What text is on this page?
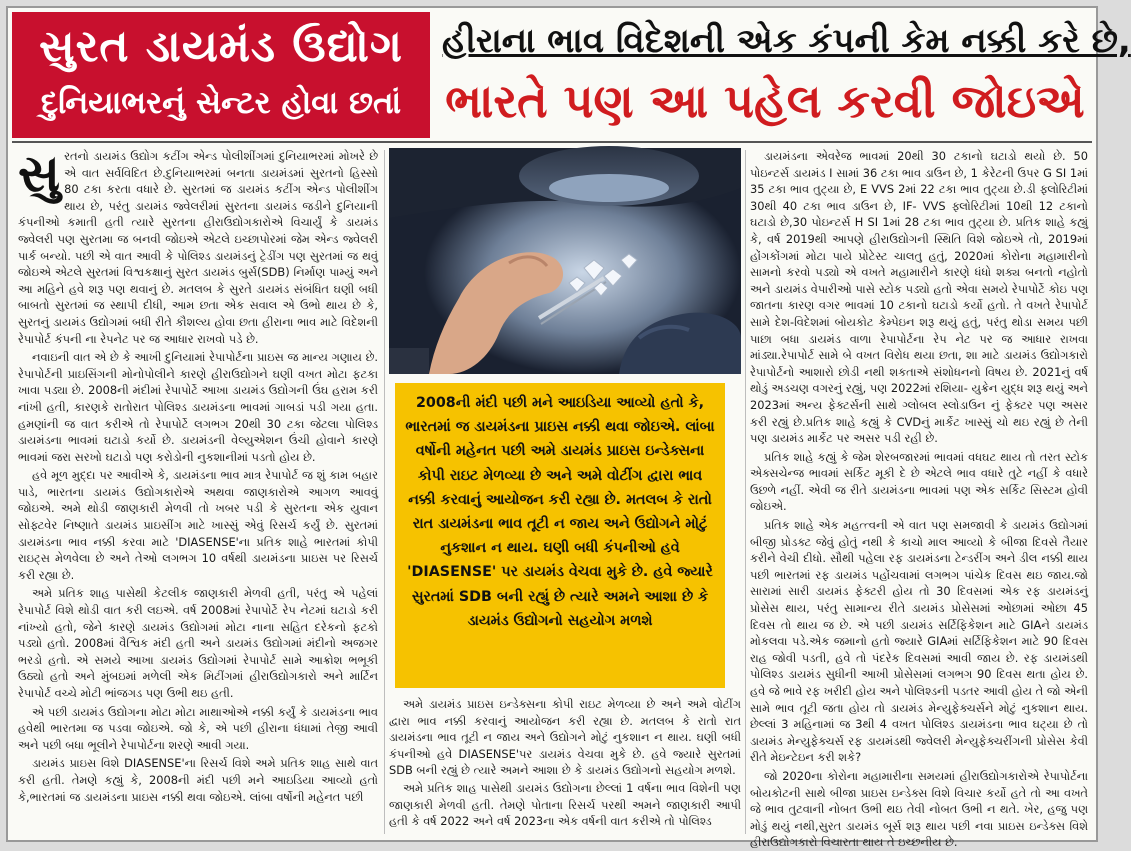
સુરત ડાયમંડ ઉદ્યોગ
દુનિયાભરનું સેન્ટર હોવા છતાં
હીરાના ભાવ વિદેશની એક કંપની કેમ નક્કી કરે છે,
ભારતે પણ આ પહેલ કરવી જોઇએ

સુરતનો ડાયમંડ ઉદ્યોગ કટીંગ એન્ડ પોલીશીંગમાં દુનિયાભરમાં મોખરે છે એ વાત સર્વવિદિત છે.દુનિયાભરમાં બનતા ડાયમંડમાં સુરતનો હિસ્સો 80 ટકા કરતા વધારે છે. સુરતમાં જ ડાયમંડ કટીંગ એન્ડ પોલીશીંગ થાય છે, પરંતુ ડાયમંડ જ્વેલરીમાં સુરતના ડાયમંડ જડીને દુનિયાની કંપનીઓ કમાતી હતી ત્યારે સુરતના હીરાઉદ્યોગકારોએ વિચાર્યું કે ડાયમંડ જ્વેલરી પણ સુરતમા જ બનવી જોઇએ એટલે ઇચ્છાપોરમાં જેમ એન્ડ જ્વેલરી પાર્ક બન્યો. પછી એ વાત આવી કે પોલિશ્ડ ડાયમંડનું ટ્રેડીંગ પણ સુરતમાં જ થવું જોઇએ એટલે સુરતમાં વિશ્વકક્ષાનું સુરત ડાયમંડ બુર્સ(SDB) નિર્માણ પામ્યું અને આ મહિને હવે શરૂ પણ થવાનું છે. મતલબ કે સુરતે ડાયમંડ સંબંધિત ઘણી બધી બાબતો સુરતમાં જ સ્થાપી દીધી, આમ છતા એક સવાલ એ ઉભો થાય છે કે, સુરતનું ડાયમંડ ઉદ્યોગમાં બધી રીતે કૌશલ્ય હોવા છતા હીરાના ભાવ માટે વિદેશની રેપાપોર્ટ કંપની ના રેપનેટ પર જ આધાર રાખવો પડે છે.

નવાઇની વાત એ છે કે આખી દુનિયામાં રેપાપોર્ટના પ્રાઇસ જ માન્ય ગણાય છે. રેપાપોર્ટની પ્રાઇસિંગની મોનોપોલીને કારણે હીરાઉદ્યોગને ઘણી વખત મોટા ફટકા ખાવા પડ્યા છે. 2008ની મંદીમાં રેપાપોર્ટે આખા ડાયમંડ ઉદ્યોગની ઉંઘ હરામ કરી નાંખી હતી, કારણકે રાતોરાત પોલિશ્ડ ડાયમંડના ભાવમાં ગાબડાં પડી ગયા હતા. હમણાંની જ વાત કરીએ તો રેપાપોર્ટે લગભગ 20થી 30 ટકા જેટલા પોલિશ્ડ ડાયમંડના ભાવમાં ઘટાડો કર્યો છે. ડાયમંડની વેલ્યુએશન ઉંચી હોવાને કારણે ભાવમાં જરા સરખો ઘટાડો પણ કરોડોની નુકશાનીમાં પડતો હોય છે.

હવે મૂળ મુદ્દા પર આવીએ કે, ડાયમંડના ભાવ માત્ર રેપાપોર્ટ જ શું કામ બહાર પાડે, ભારતના ડાયમંડ ઉદ્યોગકારોએ અથવા જાણકારોએ આગળ આવવું જોઇએ. અમે થોડી જાણકારી મેળવી તો ખબર પડી કે સુરતના એક યુવાન સોફ્ટવેર નિષ્ણાતે ડાયમંડ પ્રાઇસીંગ માટે ખાસ્સું એવું રિસર્ચ કર્યું છે. સુરતમાં ડાયમંડના ભાવ નક્કી કરવા માટે 'DIASENSE'ના પ્રતિક શાહે ભારતમાં કોપી રાઇટ્સ મેળવેલા છે અને તેઓ લગભગ 10 વર્ષથી ડાયમંડના પ્રાઇસ પર રિસર્ચ કરી રહ્યા છે.

અમે પ્રતિક શાહ પાસેથી કેટલીક જાણકારી મેળવી હતી, પરંતુ એ પહેલાં રેપાપોર્ટ વિશે થોડી વાત કરી લઇએ. વર્ષ 2008માં રેપાપોર્ટે રેપ નેટમાં ઘટાડો કરી નાંખ્યો હતો, જેને કારણે ડાયમંડ ઉદ્યોગમાં મોટા નાના સહિત દરેકનો ફટકો પડ્યો હતો. 2008માં વૈશ્વિક મંદી હતી અને ડાયમંડ ઉદ્યોગમાં મંદીનો અજગર ભરડો હતો. એ સમયે આખા ડાયમંડ ઉદ્યોગમાં રેપાપોર્ટ સામે આક્રોશ ભભૂકી ઉઠ્યો હતો અને મુંબઇમાં મળેલી એક મિટીંગમાં હીરાઉદ્યોગકારો અને માર્ટિન રેપાપોર્ટ વચ્ચે મોટી ભાંજગડ પણ ઉભી થઇ હતી.

એ પછી ડાયમંડ ઉદ્યોગના મોટા મોટા માથાઓએ નક્કી કર્યું કે ડાયમંડના ભાવ હવેથી ભારતમા જ પડવા જોઇએ. જો કે, એ પછી હીરાના ધંધામાં તેજી આવી અને પછી બધા ભૂલીને રેપાપોર્ટના શરણે આવી ગયા.

ડાયમંડ પ્રાઇસ વિશે DIASENSE'ના રિસર્ચ વિશે અમે પ્રતિક શાહ સાથે વાત કરી હતી. તેમણે કહ્યું કે, 2008ની મંદી પછી મને આઇડિયા આવ્યો હતો કે,ભારતમાં જ ડાયમંડના પ્રાઇસ નક્કી થવા જોઇએ. લાંબા વર્ષોની મહેનત પછી

2008ની મંદી પછી મને આઇડિયા આવ્યો હતો કે, ભારતમાં જ ડાયમંડના પ્રાઇસ નક્કી થવા જોઇએ. લાંબા વર્ષોની મહેનત પછી અમે ડાયમંડ પ્રાઇસ ઇન્ડેક્સના કોપી રાઇટ મેળવ્યા છે અને અમે વોટીંગ દ્વારા ભાવ નક્કી કરવાનું આયોજન કરી રહ્યા છે. મતલબ કે રાતો રાત ડાયમંડના ભાવ તૂટી ન જાય અને ઉદ્યોગને મોટું નુકશાન ન થાય. ઘણી બધી કંપનીઓ હવે 'DIASENSE' પર ડાયમંડ વેચવા મુકે છે. હવે જ્યારે સુરતમાં SDB બની રહ્યું છે ત્યારે અમને આશા છે કે ડાયમંડ ઉદ્યોગનો સહયોગ મળશે

અમે ડાયમંડ પ્રાઇસ ઇન્ડેક્સના કોપી રાઇટ મેળવ્યા છે અને અમે વોટીંગ દ્વારા ભાવ નક્કી કરવાનું આયોજન કરી રહ્યા છે. મતલબ કે રાતો રાત ડાયમંડના ભાવ તૂટી ન જાય અને ઉદ્યોગને મોટું નુકશાન ન થાય. ઘણી બધી કંપનીઓ હવે DIASENSE'પર ડાયમંડ વેચવા મુકે છે. હવે જ્યારે સુરતમાં SDB બની રહ્યું છે ત્યારે અમને આશા છે કે ડાયમંડ ઉદ્યોગનો સહયોગ મળશે.

અમે પ્રતિક શાહ પાસેથી ડાયમંડ ઉદ્યોગના છેલ્લાં 1 વર્ષના ભાવ વિશેની પણ જાણકારી મેળવી હતી. તેમણે પોતાના રિસર્ચ પરથી અમને જાણકારી આપી હતી કે વર્ષ 2022 અને વર્ષ 2023ના એક વર્ષની વાત કરીએ તો પોલિશ્ડ

ડાયમંડના એવરેજ ભાવમાં 20થી 30 ટકાનો ઘટાડો થયો છે. 50 પોઇન્ટર્સ ડાયમંડ I સામાં 36 ટકા ભાવ ડાઉન છે, 1 કેરેટની ઉપર G SI 1માં 35 ટકા ભાવ તુટ્યા છે, E VVS 2માં 22 ટકા ભાવ તુટ્યા છે.ડી ફ્લોરિટીમાં 30થી 40 ટકા ભાવ ડાઉન છે, IF- VVS ફ્લોરિટીમાં 10થી 12 ટકાનો ઘટાડો છે,30 પોઇન્ટર્સ H SI 1માં 28 ટકા ભાવ તુટ્યા છે. પ્રતિક શાહે કહ્યું કે, વર્ષ 2019થી આપણે હીરાઉદ્યોગની સ્થિતિ વિશે જોઇએ તો, 2019માં હોંગકોંગમાં મોટા પાયે પ્રોટેસ્ટ ચાલતુ હતું, 2020માં કોરોના મહામારીનો સામનો કરવો પડ્યો એ વખતે મહામારીને કારણે ધંધો શક્ય બનતો નહોતો અને ડાયમંડ વેપારીઓ પાસે સ્ટોક પડ્યો હતો એવા સમયે રેપાપોર્ટે કોઇ પણ જાતના કારણ વગર ભાવમાં 10 ટકાનો ઘટાડો કર્યો હતો. તે વખતે રેપાપોર્ટ સામે દેશ-વિદેશમાં બોયકોટ કેમ્પેઇન શરૂ થયું હતું, પરંતુ થોડા સમય પછી પાછા બધા ડાયમંડ વાળા રેપાપોર્ટના રેપ નેટ પર જ આધાર રાખવા માંડ્યા.રેપાપોર્ટ સામે બે વખત વિરોધ થયા છતા, શા માટે ડાયમંડ ઉદ્યોગકારો રેપાપોર્ટનો આશારો છોડી નથી શકતાએ સંશોધનનો વિષય છે. 2021નું વર્ષ થોડું અડચણ વગરનું રહ્યું, પણ 2022માં રશિયા- યુક્રેન યુદ્ધ શરૂ થયું અને 2023માં અન્ય ફેક્ટર્સની સાથે ગ્લોબલ સ્લોડાઉન નું ફેક્ટર પણ અસર કરી રહ્યું છે.પ્રતિક શાહે કહ્યું કે CVDનું માર્કેટ ખાસ્સું ચો થઇ રહ્યું છે તેની પણ ડાયમંડ માર્કેટ પર અસર પડી રહી છે.

પ્રતિક શાહે કહ્યું કે જેમ શેરબજારમાં ભાવમાં વધઘટ થાય તો તરત સ્ટોક એક્સચેન્જ ભાવમાં સર્કિટ મૂકી દે છે એટલે ભાવ વધારે તુટે નહીં કે વધારે ઉછળે નહીં. એવી જ રીતે ડાયમંડના ભાવમાં પણ એક સર્કિટ સિસ્ટમ હોવી જોઇએ.

પ્રતિક શાહે એક મહત્ત્વની એ વાત પણ સમજાવી કે ડાયમંડ ઉદ્યોગમાં બીજી પ્રોડક્ટ જેવું હોતું નથી કે કાચો માલ આવ્યો કે બીજા દિવસે તૈયાર કરીને વેચી દીધો. સૌથી પહેલા રફ ડાયમંડના ટેન્ડરીંગ અને ડીલ નક્કી થાય પછી ભારતમાં રફ ડાયમંડ પહોંચવામાં લગભગ પાંચેક દિવસ થઇ જાય.જો સારામાં સારી ડાયમંડ ફેક્ટરી હોય તો 30 દિવસમાં એક રફ ડાયમંડનું પ્રોસેસ થાય, પરંતુ સામાન્ય રીતે ડાયમંડ પ્રોસેસમાં ઓછામાં ઓછા 45 દિવસ તો થાય જ છે. એ પછી ડાયમંડ સર્ટિફિકેશન માટે GIAને ડાયમંડ મોકલવા પડે.એક જમાનો હતો જ્યારે GIAમાં સર્ટિફિકેશન માટે 90 દિવસ રાહ જોવી પડતી, હવે તો પંદરેક દિવસમાં આવી જાય છે. રફ ડાયમંડથી પોલિશ્ડ ડાયમંડ સુધીની આખી પ્રોસેસમાં લગભગ 90 દિવસ થતા હોય છે. હવે જે ભાવે રફ ખરીદી હોય અને પોલિશ્ડની પડતર આવી હોય તે જો એની સામે ભાવ તૂટી જતા હોય તો ડાયમંડ મેન્યુફેક્ચર્સને મોટું નુકશાન થાય. છેલ્લાં 3 મહિનામાં જ 3થી 4 વખત પોલિશ્ડ ડાયમંડના ભાવ ઘટ્યા છે તો ડાયમંડ મેન્યુફેક્ચર્સ રફ ડાયમંડથી જ્વેલરી મેન્યુફેક્ચરીંગની પ્રોસેસ કેવી રીતે મેઇન્ટેઇન કરી શકે?

જો 2020ના કોરોના મહામારીના સમયમાં હીરાઉદ્યોગકારોએ રેપાપોર્ટના બોયકોટની સાથે બીજા પ્રાઇસ ઇન્ડેક્સ વિશે વિચાર કર્યો હતે તો આ વખતે જે ભાવ તુટવાની નોબત ઉભી થઇ તેવી નોબત ઉભી ન થતે. ખેર, હજુ પણ મોડું થયું નથી,સુરત ડાયમંડ બૂર્સ શરૂ થાય પછી નવા પ્રાઇસ ઇન્ડેક્સ વિશે હીરાઉદ્યોગકારો વિચારતા થાય તે ઇચ્છનીય છે.
